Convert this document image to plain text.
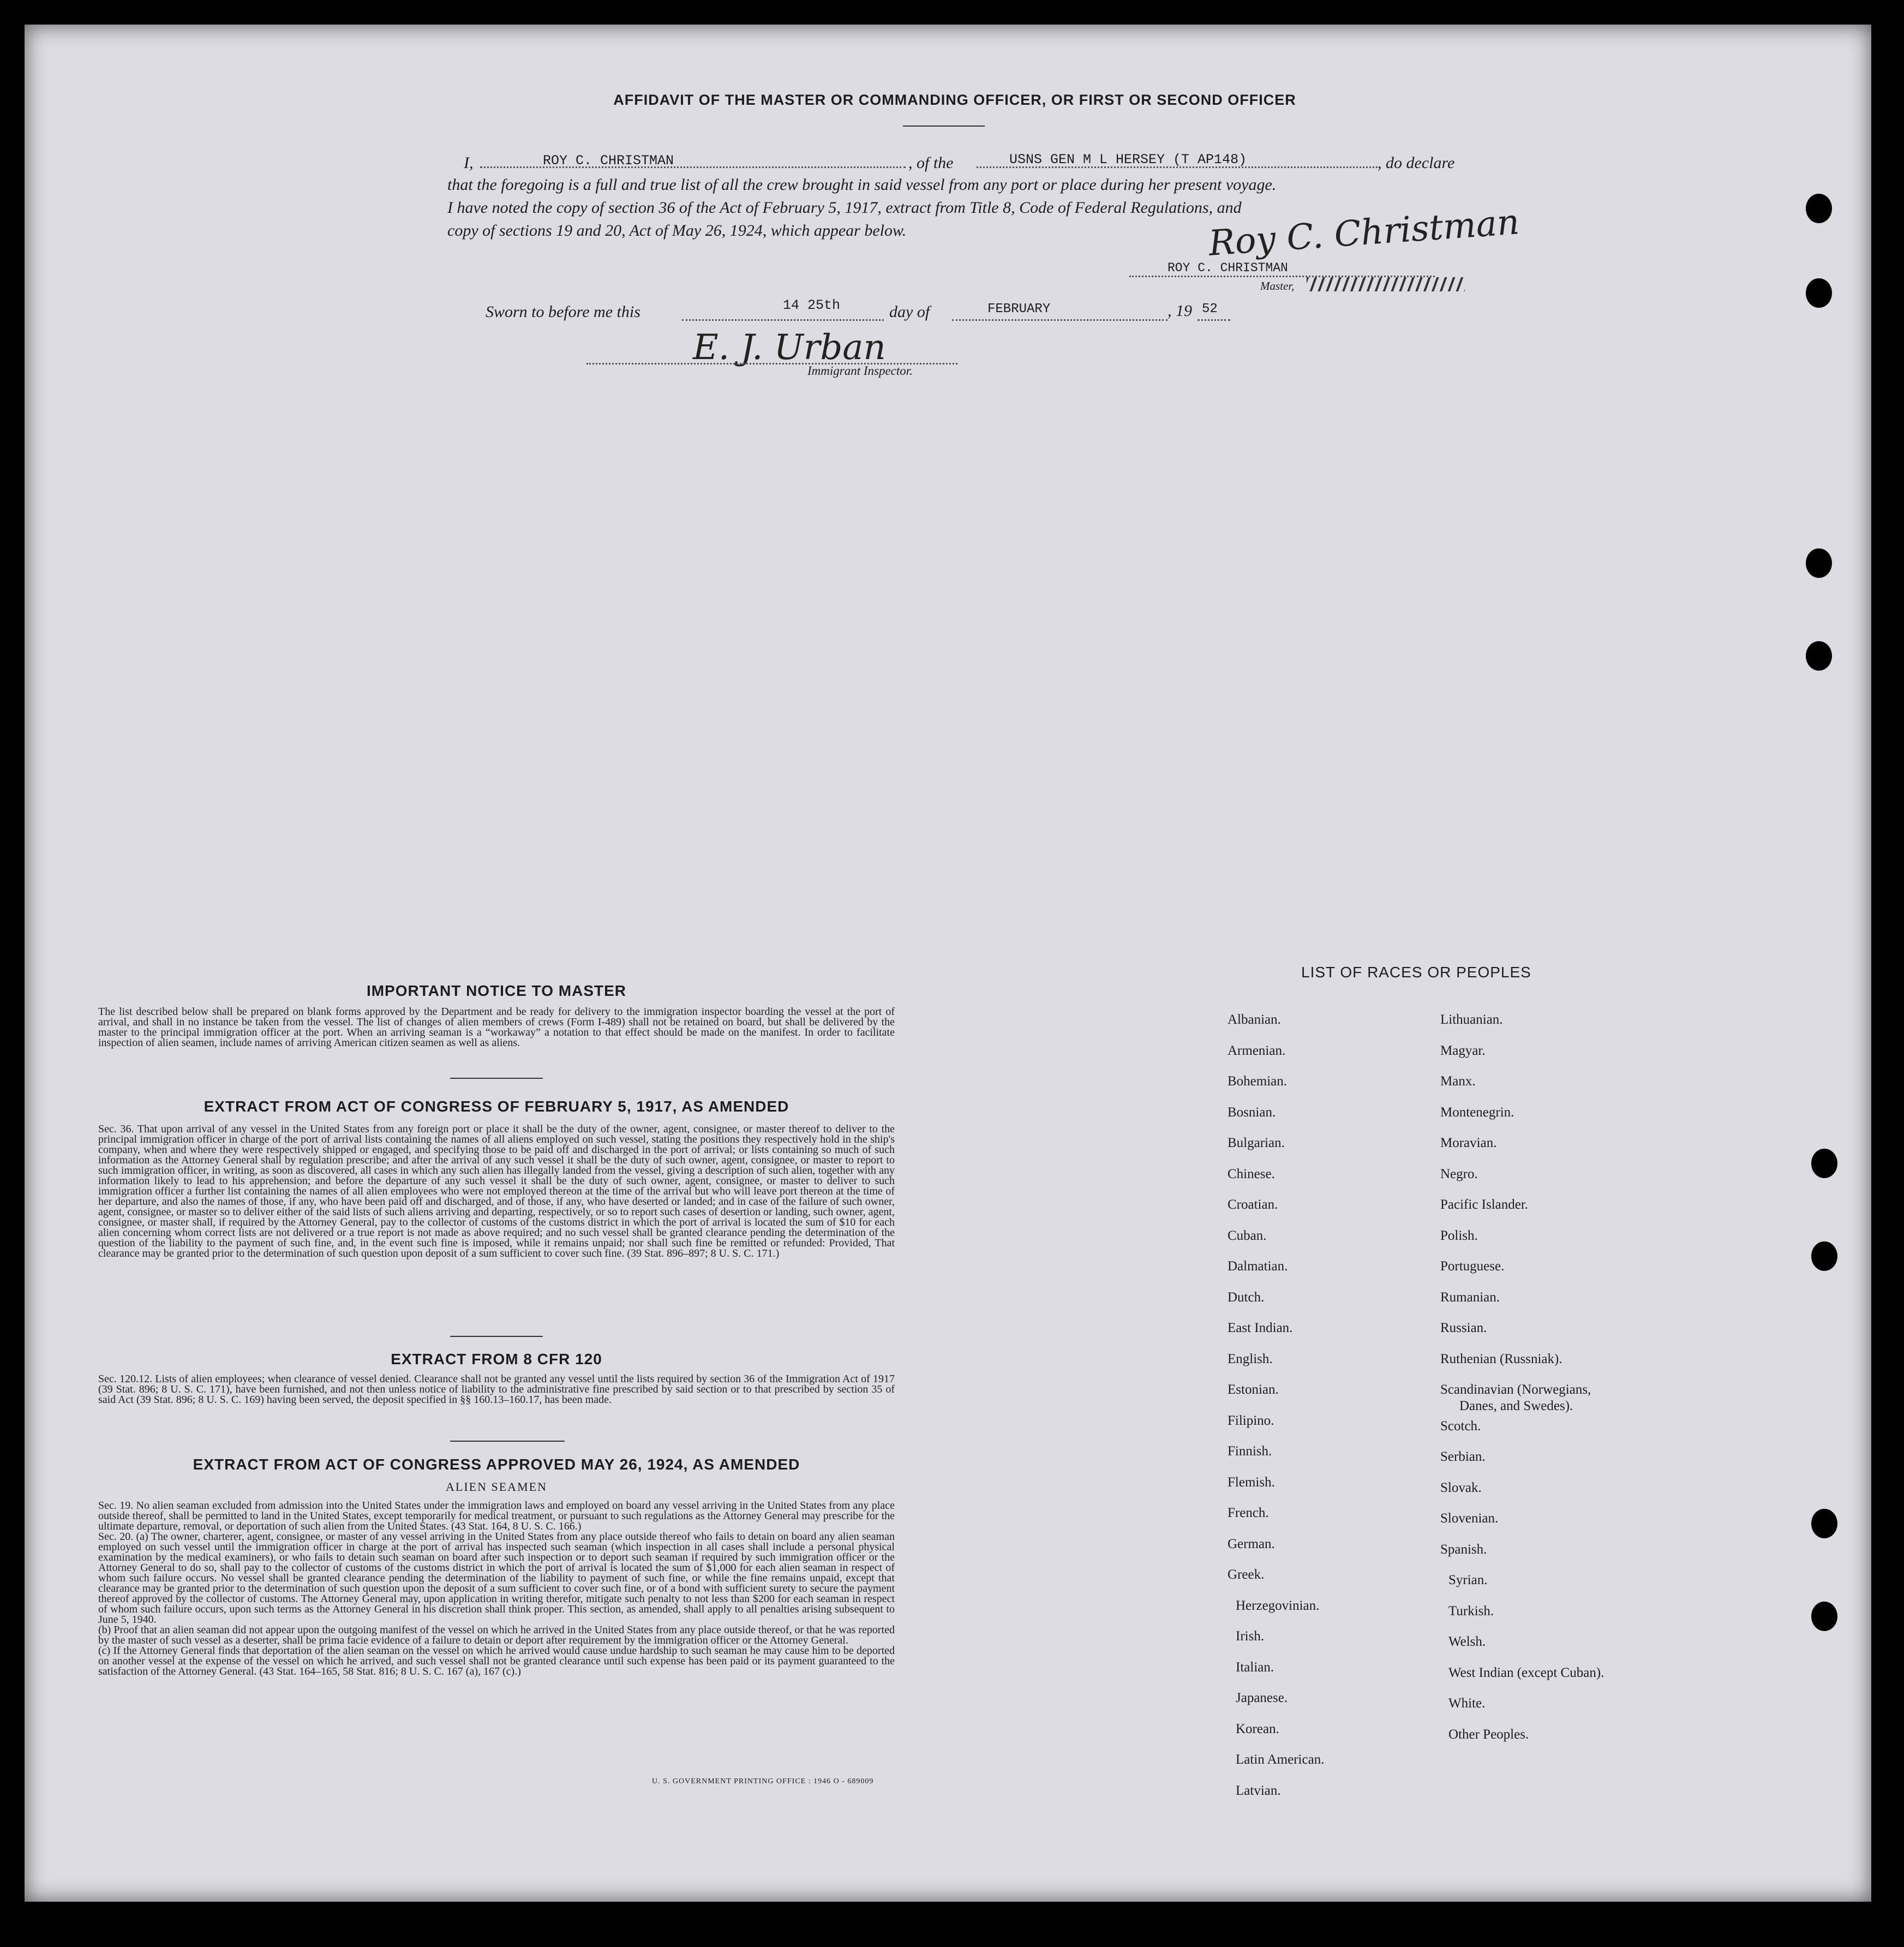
AFFIDAVIT OF THE MASTER OR COMMANDING OFFICER, OR FIRST OR SECOND OFFICER
I,	ROY C. CHRISTMAN	, of the	USNS GEN M L HERSEY (T AP148)	, do declare
that the foregoing is a full and true list of all the crew brought in said vessel from any port or place during her present voyage.
I have noted the copy of section 36 of the Act of February 5, 1917, extract from Title 8, Code of Federal Regulations, and
copy of sections 19 and 20, Act of May 26, 1924, which appear below.	Roy C. Christman
ROY C. CHRISTMAN
Master,
Sworn to before me this	14 25th	day of	FEBRUARY	, 19 52
E. J. Urban
Immigrant Inspector.
IMPORTANT NOTICE TO MASTER
The list described below shall be prepared on blank forms approved by the Department and be ready for delivery to the immigration inspector boarding the vessel at the port of arrival, and shall in no instance be taken from the vessel. The list of changes of alien members of crews (Form I-489) shall not be retained on board, but shall be delivered by the master to the principal immigration officer at the port. When an arriving seaman is a “workaway” a notation to that effect should be made on the manifest. In order to facilitate inspection of alien seamen, include names of arriving American citizen seamen as well as aliens.
EXTRACT FROM ACT OF CONGRESS OF FEBRUARY 5, 1917, AS AMENDED
Sec. 36. That upon arrival of any vessel in the United States from any foreign port or place it shall be the duty of the owner, agent, consignee, or master thereof to deliver to the principal immigration officer in charge of the port of arrival lists containing the names of all aliens employed on such vessel, stating the positions they respectively hold in the ship's company, when and where they were respectively shipped or engaged, and specifying those to be paid off and discharged in the port of arrival; or lists containing so much of such information as the Attorney General shall by regulation prescribe; and after the arrival of any such vessel it shall be the duty of such owner, agent, consignee, or master to report to such immigration officer, in writing, as soon as discovered, all cases in which any such alien has illegally landed from the vessel, giving a description of such alien, together with any information likely to lead to his apprehension; and before the departure of any such vessel it shall be the duty of such owner, agent, consignee, or master to deliver to such immigration officer a further list containing the names of all alien employees who were not employed thereon at the time of the arrival but who will leave port thereon at the time of her departure, and also the names of those, if any, who have been paid off and discharged, and of those, if any, who have deserted or landed; and in case of the failure of such owner, agent, consignee, or master so to deliver either of the said lists of such aliens arriving and departing, respectively, or so to report such cases of desertion or landing, such owner, agent, consignee, or master shall, if required by the Attorney General, pay to the collector of customs of the customs district in which the port of arrival is located the sum of $10 for each alien concerning whom correct lists are not delivered or a true report is not made as above required; and no such vessel shall be granted clearance pending the determination of the question of the liability to the payment of such fine, and, in the event such fine is imposed, while it remains unpaid; nor shall such fine be remitted or refunded: Provided, That clearance may be granted prior to the determination of such question upon deposit of a sum sufficient to cover such fine. (39 Stat. 896–897; 8 U. S. C. 171.)
EXTRACT FROM 8 CFR 120
Sec. 120.12. Lists of alien employees; when clearance of vessel denied. Clearance shall not be granted any vessel until the lists required by section 36 of the Immigration Act of 1917 (39 Stat. 896; 8 U. S. C. 171), have been furnished, and not then unless notice of liability to the administrative fine prescribed by said section or to that prescribed by section 35 of said Act (39 Stat. 896; 8 U. S. C. 169) having been served, the deposit specified in §§ 160.13–160.17, has been made.
EXTRACT FROM ACT OF CONGRESS APPROVED MAY 26, 1924, AS AMENDED
ALIEN SEAMEN

Sec. 19. No alien seaman excluded from admission into the United States under the immigration laws and employed on board any vessel arriving in the United States from any place outside thereof, shall be permitted to land in the United States, except temporarily for medical treatment, or pursuant to such regulations as the Attorney General may prescribe for the ultimate departure, removal, or deportation of such alien from the United States. (43 Stat. 164, 8 U. S. C. 166.)

Sec. 20. (a) The owner, charterer, agent, consignee, or master of any vessel arriving in the United States from any place outside thereof who fails to detain on board any alien seaman employed on such vessel until the immigration officer in charge at the port of arrival has inspected such seaman (which inspection in all cases shall include a personal physical examination by the medical examiners), or who fails to detain such seaman on board after such inspection or to deport such seaman if required by such immigration officer or the Attorney General to do so, shall pay to the collector of customs of the customs district in which the port of arrival is located the sum of $1,000 for each alien seaman in respect of whom such failure occurs. No vessel shall be granted clearance pending the determination of the liability to payment of such fine, or while the fine remains unpaid, except that clearance may be granted prior to the determination of such question upon the deposit of a sum sufficient to cover such fine, or of a bond with sufficient surety to secure the payment thereof approved by the collector of customs. The Attorney General may, upon application in writing therefor, mitigate such penalty to not less than $200 for each seaman in respect of whom such failure occurs, upon such terms as the Attorney General in his discretion shall think proper. This section, as amended, shall apply to all penalties arising subsequent to June 5, 1940.

(b) Proof that an alien seaman did not appear upon the outgoing manifest of the vessel on which he arrived in the United States from any place outside thereof, or that he was reported by the master of such vessel as a deserter, shall be prima facie evidence of a failure to detain or deport after requirement by the immigration officer or the Attorney General.

(c) If the Attorney General finds that deportation of the alien seaman on the vessel on which he arrived would cause undue hardship to such seaman he may cause him to be deported on another vessel at the expense of the vessel on which he arrived, and such vessel shall not be granted clearance until such expense has been paid or its payment guaranteed to the satisfaction of the Attorney General. (43 Stat. 164–165, 58 Stat. 816; 8 U. S. C. 167 (a), 167 (c).)

U. S. GOVERNMENT PRINTING OFFICE : 1946 O - 689009
LIST OF RACES OR PEOPLES
Albanian.
Armenian.
Bohemian.
Bosnian.
Bulgarian.
Chinese.
Croatian.
Cuban.
Dalmatian.
Dutch.
East Indian.
English.
Estonian.
Filipino.
Finnish.
Flemish.
French.
German.
Greek.
Herzegovinian.
Irish.
Italian.
Japanese.
Korean.
Latin American.
Latvian.
Lithuanian.
Magyar.
Manx.
Montenegrin.
Moravian.
Negro.
Pacific Islander.
Polish.
Portuguese.
Rumanian.
Russian.
Ruthenian (Russniak).
Scandinavian (Norwegians,
Danes, and Swedes).
Scotch.
Serbian.
Slovak.
Slovenian.
Spanish.
Syrian.
Turkish.
Welsh.
West Indian (except Cuban).
White.
Other Peoples.
